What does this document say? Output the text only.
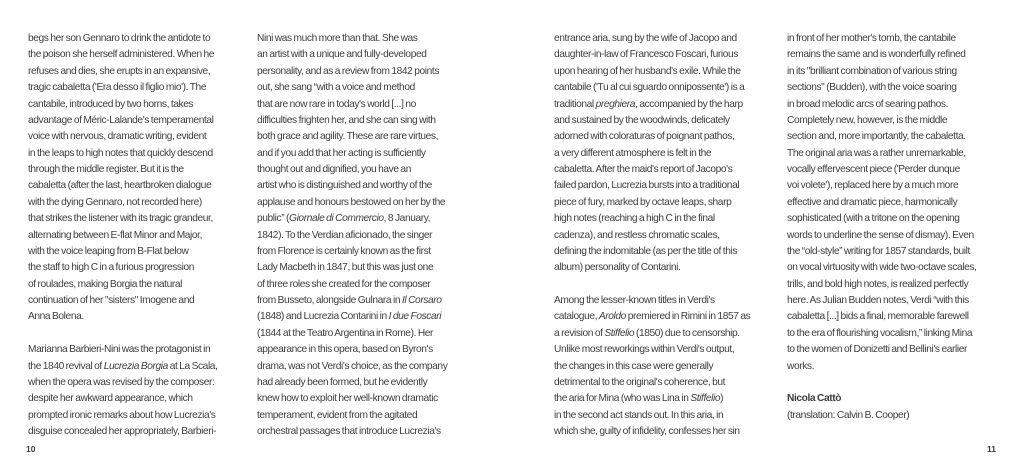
begs her son Gennaro to drink the antidote to
the poison she herself administered. When he
refuses and dies, she erupts in an expansive,
tragic cabaletta ('Era desso il figlio mio'). The
cantabile, introduced by two horns, takes
advantage of Méric-Lalande's temperamental
voice with nervous, dramatic writing, evident
in the leaps to high notes that quickly descend
through the middle register. But it is the
cabaletta (after the last, heartbroken dialogue
with the dying Gennaro, not recorded here)
that strikes the listener with its tragic grandeur,
alternating between E-flat Minor and Major,
with the voice leaping from B-Flat below
the staff to high C in a furious progression
of roulades, making Borgia the natural
continuation of her "sisters" Imogene and
Anna Bolena.
Marianna Barbieri-Nini was the protagonist in
the 1840 revival of Lucrezia Borgia at La Scala,
when the opera was revised by the composer:
despite her awkward appearance, which
prompted ironic remarks about how Lucrezia's
disguise concealed her appropriately, Barbieri-
Nini was much more than that. She was
an artist with a unique and fully-developed
personality, and as a review from 1842 points
out, she sang “with a voice and method
that are now rare in today's world [...] no
difficulties frighten her, and she can sing with
both grace and agility. These are rare virtues,
and if you add that her acting is sufficiently
thought out and dignified, you have an
artist who is distinguished and worthy of the
applause and honours bestowed on her by the
public” (Giornale di Commercio, 8 January,
1842). To the Verdian aficionado, the singer
from Florence is certainly known as the first
Lady Macbeth in 1847, but this was just one
of three roles she created for the composer
from Busseto, alongside Gulnara in Il Corsaro
(1848) and Lucrezia Contarini in I due Foscari
(1844 at the Teatro Argentina in Rome). Her
appearance in this opera, based on Byron's
drama, was not Verdi's choice, as the company
had already been formed, but he evidently
knew how to exploit her well-known dramatic
temperament, evident from the agitated
orchestral passages that introduce Lucrezia's
10
entrance aria, sung by the wife of Jacopo and
daughter-in-law of Francesco Foscari, furious
upon hearing of her husband's exile. While the
cantabile ('Tu al cui sguardo onnipossente') is a
traditional preghiera, accompanied by the harp
and sustained by the woodwinds, delicately
adorned with coloraturas of poignant pathos,
a very different atmosphere is felt in the
cabaletta. After the maid's report of Jacopo's
failed pardon, Lucrezia bursts into a traditional
piece of fury, marked by octave leaps, sharp
high notes (reaching a high C in the final
cadenza), and restless chromatic scales,
defining the indomitable (as per the title of this
album) personality of Contarini.
Among the lesser-known titles in Verdi's
catalogue, Aroldo premiered in Rimini in 1857 as
a revision of Stiffelio (1850) due to censorship.
Unlike most reworkings within Verdi's output,
the changes in this case were generally
detrimental to the original's coherence, but
the aria for Mina (who was Lina in Stiffelio)
in the second act stands out. In this aria, in
which she, guilty of infidelity, confesses her sin
in front of her mother's tomb, the cantabile
remains the same and is wonderfully refined
in its "brilliant combination of various string
sections" (Budden), with the voice soaring
in broad melodic arcs of searing pathos.
Completely new, however, is the middle
section and, more importantly, the cabaletta.
The original aria was a rather unremarkable,
vocally effervescent piece ('Perder dunque
voi volete'), replaced here by a much more
effective and dramatic piece, harmonically
sophisticated (with a tritone on the opening
words to underline the sense of dismay). Even
the “old-style” writing for 1857 standards, built
on vocal virtuosity with wide two-octave scales,
trills, and bold high notes, is realized perfectly
here. As Julian Budden notes, Verdi “with this
cabaletta [...] bids a final, memorable farewell
to the era of flourishing vocalism,” linking Mina
to the women of Donizetti and Bellini's earlier
works.
Nicola Cattò
(translation: Calvin B. Cooper)
11
